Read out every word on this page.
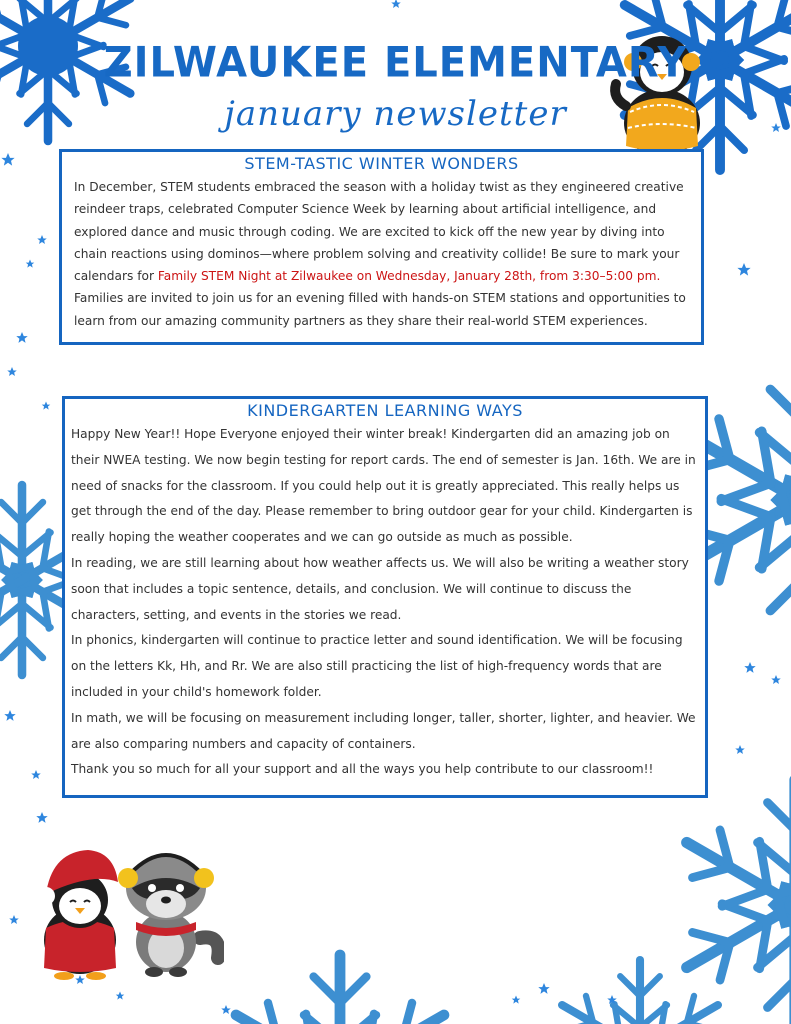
ZILWAUKEE ELEMENTARY
january newsletter
STEM-TASTIC WINTER WONDERS

In December, STEM students embraced the season with a holiday twist as they engineered creative reindeer traps, celebrated Computer Science Week by learning about artificial intelligence, and explored dance and music through coding. We are excited to kick off the new year by diving into chain reactions using dominos—where problem solving and creativity collide! Be sure to mark your calendars for Family STEM Night at Zilwaukee on Wednesday, January 28th, from 3:30–5:00 pm. Families are invited to join us for an evening filled with hands-on STEM stations and opportunities to learn from our amazing community partners as they share their real-world STEM experiences.

KINDERGARTEN LEARNING WAYS

Happy New Year!! Hope Everyone enjoyed their winter break! Kindergarten did an amazing job on their NWEA testing. We now begin testing for report cards. The end of semester is Jan. 16th. We are in need of snacks for the classroom. If you could help out it is greatly appreciated. This really helps us get through the end of the day. Please remember to bring outdoor gear for your child. Kindergarten is really hoping the weather cooperates and we can go outside as much as possible.

In reading, we are still learning about how weather affects us. We will also be writing a weather story soon that includes a topic sentence, details, and conclusion. We will continue to discuss the characters, setting, and events in the stories we read.

In phonics, kindergarten will continue to practice letter and sound identification. We will be focusing on the letters Kk, Hh, and Rr. We are also still practicing the list of high-frequency words that are included in your child's homework folder.

In math, we will be focusing on measurement including longer, taller, shorter, lighter, and heavier. We are also comparing numbers and capacity of containers.

Thank you so much for all your support and all the ways you help contribute to our classroom!!
